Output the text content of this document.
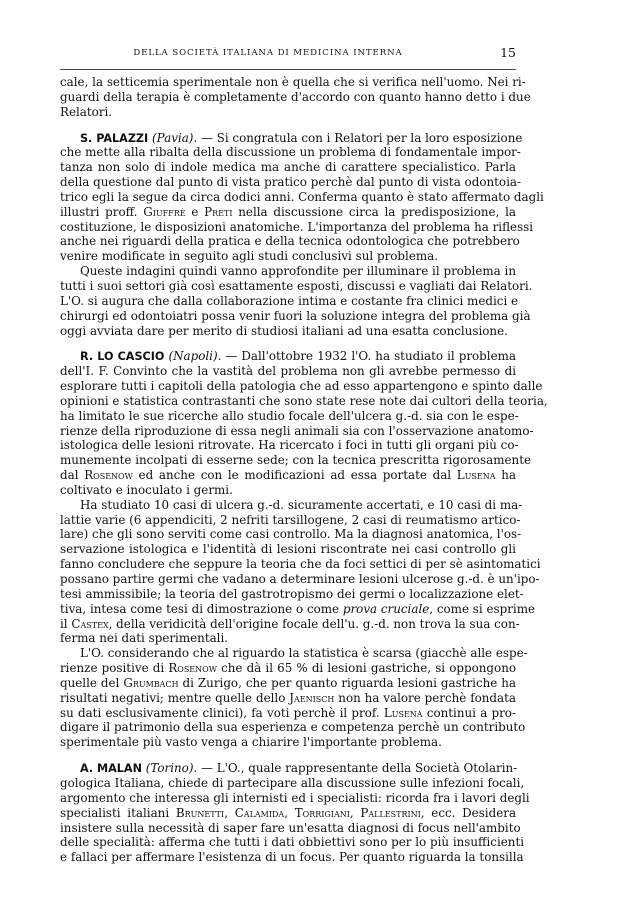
DELLA SOCIETÀ ITALIANA DI MEDICINA INTERNA	15
cale, la setticemia sperimentale non è quella che si verifica nell'uomo. Nei ri-
guardi della terapia è completamente d'accordo con quanto hanno detto i due
Relatori.
S. PALAZZI (Pavia). — Si congratula con i Relatori per la loro esposizione
che mette alla ribalta della discussione un problema di fondamentale impor-
tanza non solo di indole medica ma anche di carattere specialistico. Parla
della questione dal punto di vista pratico perchè dal punto di vista odontoia-
trico egli la segue da circa dodici anni. Conferma quanto è stato affermato dagli
illustri proff. Giuffrè e Preti nella discussione circa la predisposizione, la
costituzione, le disposizioni anatomiche. L'importanza del problema ha riflessi
anche nei riguardi della pratica e della tecnica odontologica che potrebbero
venire modificate in seguito agli studi conclusivi sul problema.
Queste indagini quindi vanno approfondite per illuminare il problema in
tutti i suoi settori già così esattamente esposti, discussi e vagliati dai Relatori.
L'O. si augura che dalla collaborazione intima e costante fra clinici medici e
chirurgi ed odontoiatri possa venir fuori la soluzione integra del problema già
oggi avviata dare per merito di studiosi italiani ad una esatta conclusione.
R. LO CASCIO (Napoli). — Dall'ottobre 1932 l'O. ha studiato il problema
dell'I. F. Convinto che la vastità del problema non gli avrebbe permesso di
esplorare tutti i capitoli della patologia che ad esso appartengono e spinto dalle
opinioni e statistica contrastanti che sono state rese note dai cultori della teoria,
ha limitato le sue ricerche allo studio focale dell'ulcera g.-d. sia con le espe-
rienze della riproduzione di essa negli animali sia con l'osservazione anatomo-
istologica delle lesioni ritrovate. Ha ricercato i foci in tutti gli organi più co-
munemente incolpati di esserne sede; con la tecnica prescritta rigorosamente
dal Rosenow ed anche con le modificazioni ad essa portate dal Lusena ha
coltivato e inoculato i germi.
Ha studiato 10 casi di ulcera g.-d. sicuramente accertati, e 10 casi di ma-
lattie varie (6 appendiciti, 2 nefriti tarsillogene, 2 casi di reumatismo artico-
lare) che gli sono serviti come casi controllo. Ma la diagnosi anatomica, l'os-
servazione istologica e l'identità di lesioni riscontrate nei casi controllo gli
fanno concludere che seppure la teoria che da foci settici di per sè asintomatici
possano partire germi che vadano a determinare lesioni ulcerose g.-d. è un'ipo-
tesi ammissibile; la teoria del gastrotropismo dei germi o localizzazione elet-
tiva, intesa come tesi di dimostrazione o come prova cruciale, come si esprime
il Castex, della veridicità dell'origine focale dell'u. g.-d. non trova la sua con-
ferma nei dati sperimentali.
L'O. considerando che al riguardo la statistica è scarsa (giacchè alle espe-
rienze positive di Rosenow che dà il 65 % di lesioni gastriche, si oppongono
quelle del Grumbach di Zurigo, che per quanto riguarda lesioni gastriche ha
risultati negativi; mentre quelle dello Jaenisch non ha valore perchè fondata
su dati esclusivamente clinici), fa voti perchè il prof. Lusena continui a pro-
digare il patrimonio della sua esperienza e competenza perchè un contributo
sperimentale più vasto venga a chiarire l'importante problema.
A. MALAN (Torino). — L'O., quale rappresentante della Società Otolarin-
gologica Italiana, chiede di partecipare alla discussione sulle infezioni focali,
argomento che interessa gli internisti ed i specialisti: ricorda fra i lavori degli
specialisti italiani Brunetti, Calamida, Torrigiani, Pallestrini, ecc. Desidera
insistere sulla necessità di saper fare un'esatta diagnosi di focus nell'ambito
delle specialità: afferma che tutti i dati obbiettivi sono per lo più insufficienti
e fallaci per affermare l'esistenza di un focus. Per quanto riguarda la tonsilla
